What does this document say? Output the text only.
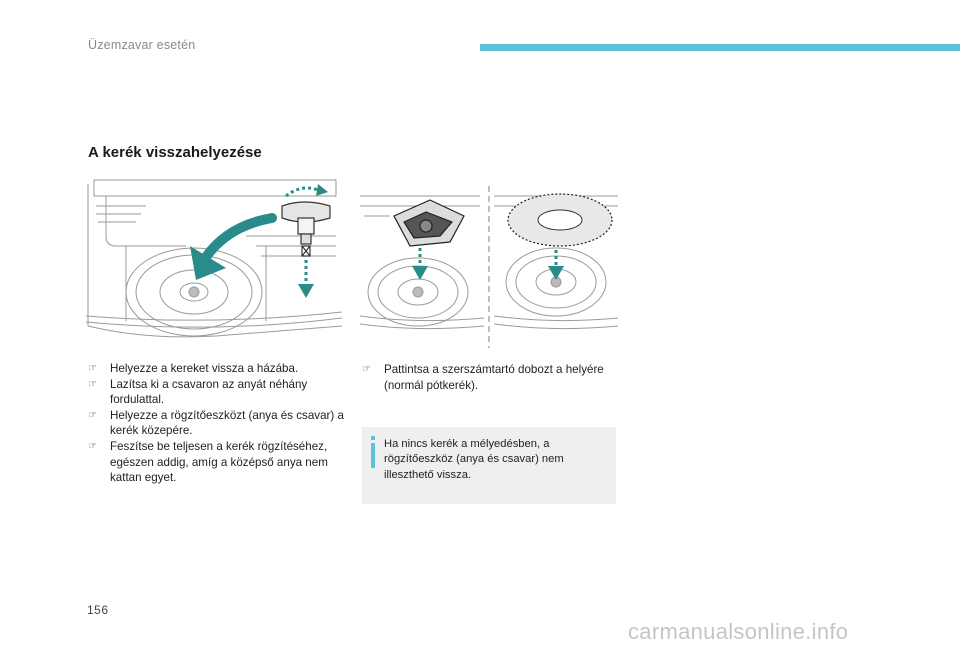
Üzemzavar esetén
A kerék visszahelyezése
☞ Helyezze a kereket vissza a házába.
☞ Lazítsa ki a csavaron az anyát néhány fordulattal.
☞ Helyezze a rögzítőeszközt (anya és csavar) a kerék közepére.
☞ Feszítse be teljesen a kerék rögzítéséhez, egészen addig, amíg a középső anya nem kattan egyet.
☞ Pattintsa a szerszámtartó dobozt a helyére (normál pótkerék).

Ha nincs kerék a mélyedésben, a rögzítőeszköz (anya és csavar) nem illeszthető vissza.

156
carmanualsonline.info
